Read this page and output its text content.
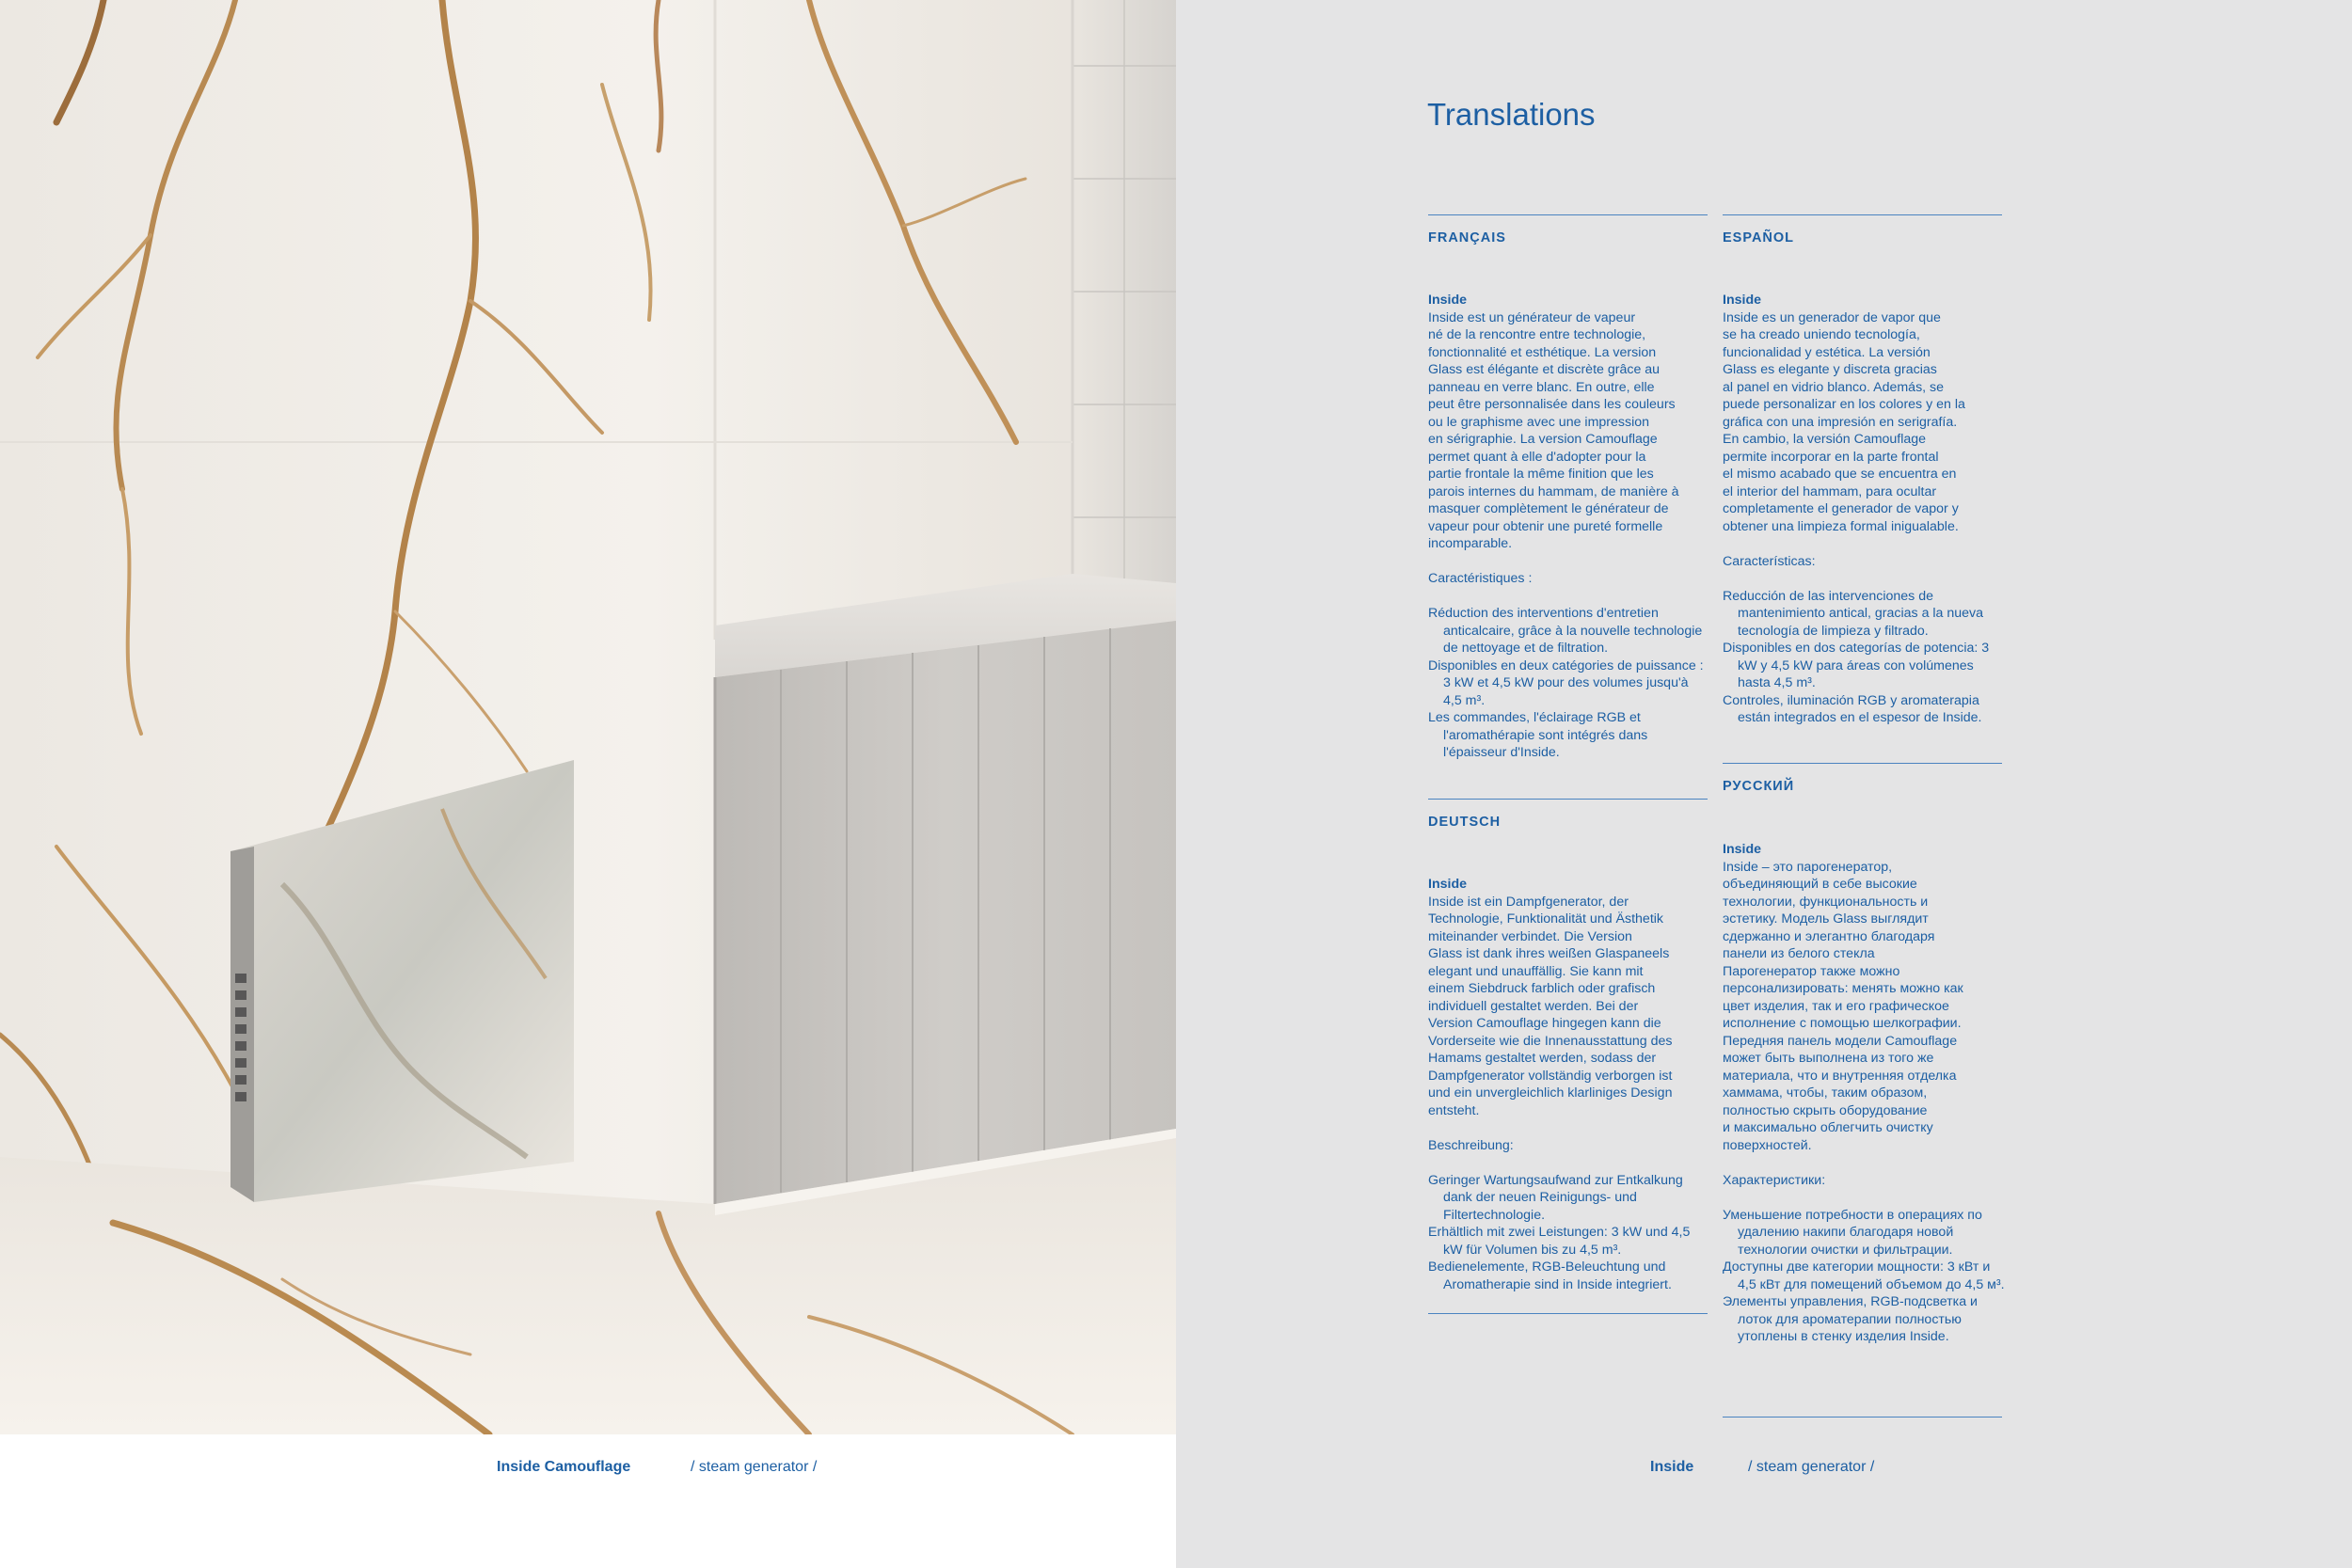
Inside Camouflage	/ steam generator /
Translations
FRANÇAIS

Inside

Inside est un générateur de vapeur

né de la rencontre entre technologie,

fonctionnalité et esthétique. La version

Glass est élégante et discrète grâce au

panneau en verre blanc. En outre, elle

peut être personnalisée dans les couleurs

ou le graphisme avec une impression

en sérigraphie. La version Camouflage

permet quant à elle d'adopter pour la

partie frontale la même finition que les

parois internes du hammam, de manière à

masquer complètement le générateur de

vapeur pour obtenir une pureté formelle

incomparable.

Caractéristiques :

Réduction des interventions d'entretien anticalcaire, grâce à la nouvelle technologie de nettoyage et de filtration.
Disponibles en deux catégories de puissance : 3 kW et 4,5 kW pour des volumes jusqu'à 4,5 m³.
Les commandes, l'éclairage RGB et l'aromathérapie sont intégrés dans l'épaisseur d'Inside.
DEUTSCH

Inside

Inside ist ein Dampfgenerator, der

Technologie, Funktionalität und Ästhetik

miteinander verbindet. Die Version

Glass ist dank ihres weißen Glaspaneels

elegant und unauffällig. Sie kann mit

einem Siebdruck farblich oder grafisch

individuell gestaltet werden. Bei der

Version Camouflage hingegen kann die

Vorderseite wie die Innenausstattung des

Hamams gestaltet werden, sodass der

Dampfgenerator vollständig verborgen ist

und ein unvergleichlich klarliniges Design

entsteht.

Beschreibung:

Geringer Wartungsaufwand zur Entkalkung dank der neuen Reinigungs- und Filtertechnologie.
Erhältlich mit zwei Leistungen: 3 kW und 4,5 kW für Volumen bis zu 4,5 m³.
Bedienelemente, RGB-Beleuchtung und Aromatherapie sind in Inside integriert.
ESPAÑOL

Inside

Inside es un generador de vapor que

se ha creado uniendo tecnología,

funcionalidad y estética. La versión

Glass es elegante y discreta gracias

al panel en vidrio blanco. Además, se

puede personalizar en los colores y en la

gráfica con una impresión en serigrafía.

En cambio, la versión Camouflage

permite incorporar en la parte frontal

el mismo acabado que se encuentra en

el interior del hammam, para ocultar

completamente el generador de vapor y

obtener una limpieza formal inigualable.

Características:

Reducción de las intervenciones de mantenimiento antical, gracias a la nueva tecnología de limpieza y filtrado.
Disponibles en dos categorías de potencia: 3 kW y 4,5 kW para áreas con volúmenes hasta 4,5 m³.
Controles, iluminación RGB y aromaterapia están integrados en el espesor de Inside.
РУССКИЙ

Inside

Inside – это парогенератор,

объединяющий в себе высокие

технологии, функциональность и

эстетику. Модель Glass выглядит

сдержанно и элегантно благодаря

панели из белого стекла

Парогенератор также можно

персонализировать: менять можно как

цвет изделия, так и его графическое

исполнение с помощью шелкографии.

Передняя панель модели Camouflage

может быть выполнена из того же

материала, что и внутренняя отделка

хаммама, чтобы, таким образом,

полностью скрыть оборудование

и максимально облегчить очистку

поверхностей.

Характеристики:

Уменьшение потребности в операциях по удалению накипи благодаря новой технологии очистки и фильтрации.
Доступны две категории мощности: 3 кВт и 4,5 кВт для помещений объемом до 4,5 м³.
Элементы управления, RGB-подсветка и лоток для ароматерапии полностью утоплены в стенку изделия Inside.
Inside	/ steam generator /
